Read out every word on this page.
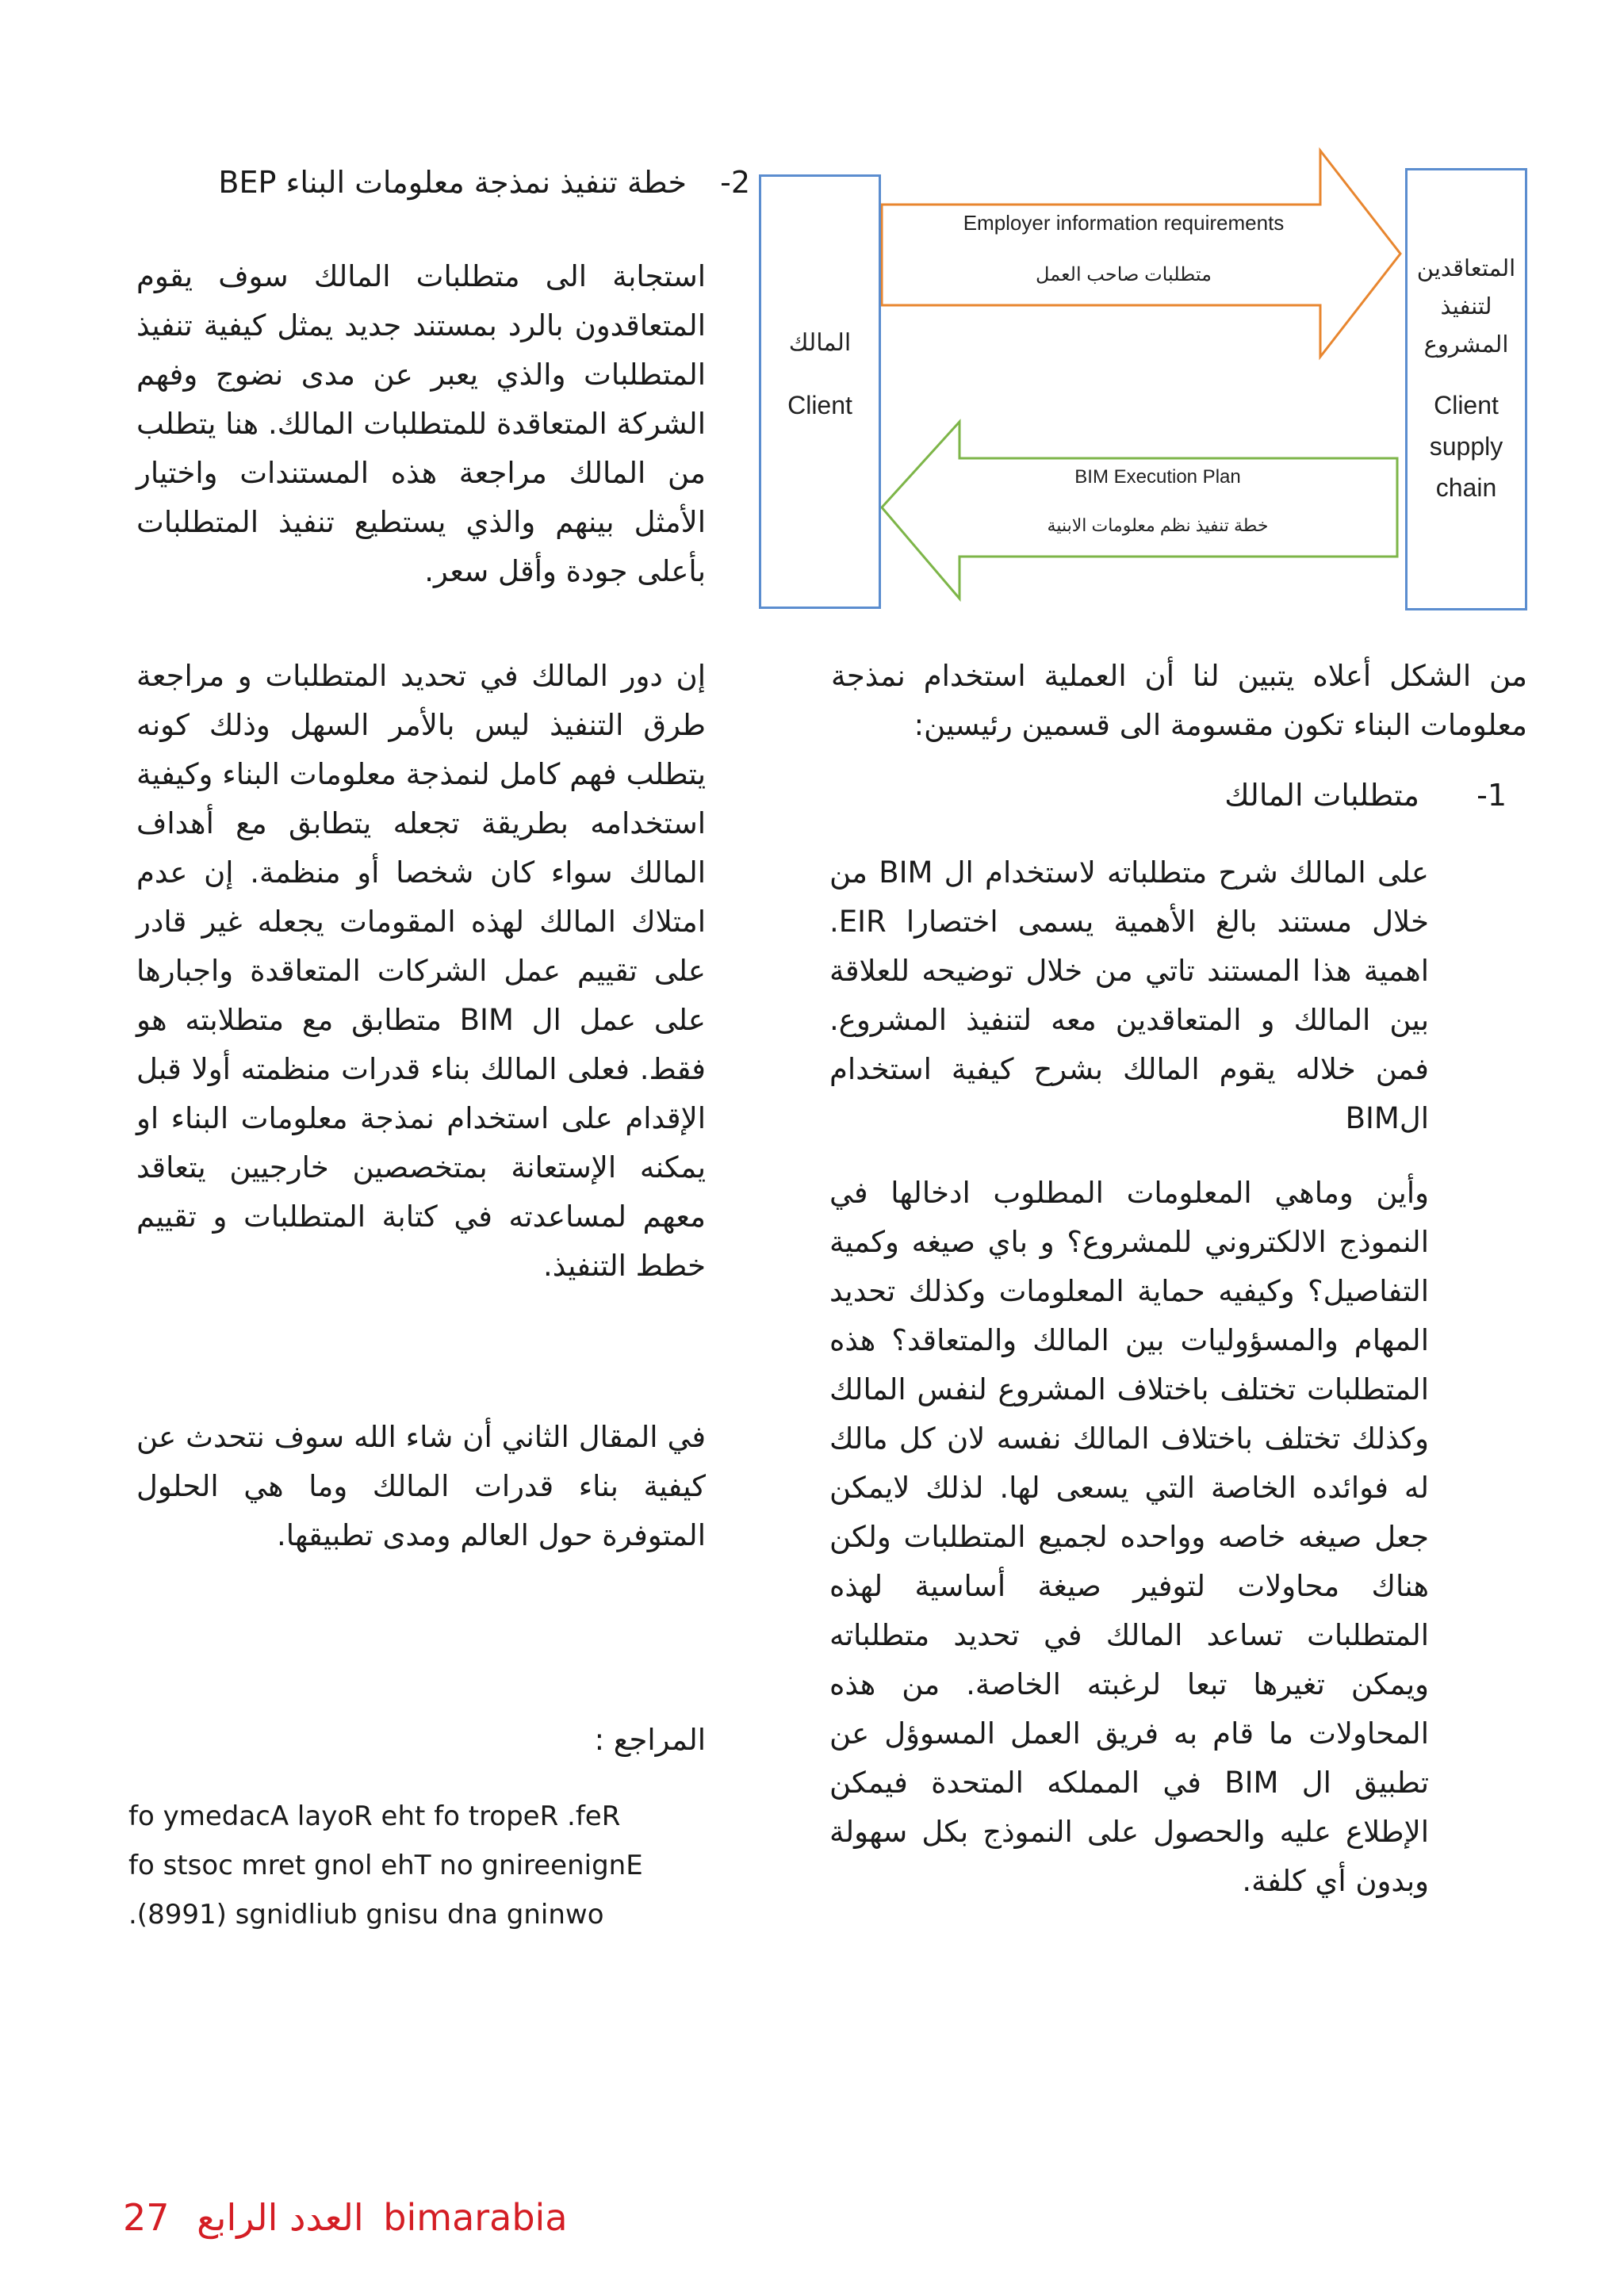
2- خطة تنفيذ نمذجة معلومات البناء BEP

استجابة الى متطلبات المالك سوف يقوم المتعاقدون بالرد بمستند جديد يمثل كيفية تنفيذ المتطلبات والذي يعبر عن مدى نضوج وفهم الشركة المتعاقدة للمتطلبات المالك. هنا يتطلب من المالك مراجعة هذه المستندات واختيار الأمثل بينهم والذي يستطيع تنفيذ المتطلبات بأعلى جودة وأقل سعر.

إن دور المالك في تحديد المتطلبات و مراجعة طرق التنفيذ ليس بالأمر السهل وذلك كونه يتطلب فهم كامل لنمذجة معلومات البناء وكيفية استخدامه بطريقة تجعله يتطابق مع أهداف المالك سواء كان شخصا أو منظمة. إن عدم امتلاك المالك لهذه المقومات يجعله غير قادر على تقييم عمل الشركات المتعاقدة واجبارها على عمل ال BIM متطابق مع متطلابته هو فقط. فعلى المالك بناء قدرات منظمته أولا قبل الإقدام على استخدام نمذجة معلومات البناء او يمكنه الإستعانة بمتخصصين خارجيين يتعاقد معهم لمساعدته في كتابة المتطلبات و تقييم خطط التنفيذ.

في المقال الثاني أن شاء الله سوف نتحدث عن كيفية بناء قدرات المالك وما هي الحلول المتوفرة حول العالم ومدى تطبيقها.

المراجع :
fo ymedacA layoR eht fo tropeR .feR
fo stsoc mret gnol ehT no gnireenignE
.(8991) sgnidliub gnisu dna gninwo
المالك
Client
المتعاقدين
لتنفيذ
المشروع
Client
supply
chain
Employer information requirements
متطلبات صاحب العمل
BIM Execution Plan
خطة تنفيذ نظم معلومات الابنية

من الشكل أعلاه يتبين لنا أن العملية استخدام نمذجة معلومات البناء تكون مقسومة الى قسمين رئيسين:

1- متطلبات المالك

على المالك شرح متطلباته لاستخدام ال BIM من خلال مستند بالغ الأهمية يسمى اختصارا EIR. اهمية هذا المستند تاتي من خلال توضيحه للعلاقة بين المالك و المتعاقدين معه لتنفيذ المشروع. فمن خلاله يقوم المالك بشرح كيفية استخدام الBIM

وأين وماهي المعلومات المطلوب ادخالها في النموذج الالكتروني للمشروع؟ و باي صيغه وكمية التفاصيل؟ وكيفيه حماية المعلومات وكذلك تحديد المهام والمسؤوليات بين المالك والمتعاقد؟ هذه المتطلبات تختلف باختلاف المشروع لنفس المالك وكذلك تختلف باختلاف المالك نفسه لان كل مالك له فوائده الخاصة التي يسعى لها. لذلك لايمكن جعل صيغه خاصه وواحده لجميع المتطلبات ولكن هناك محاولات لتوفير صيغة أساسية لهذه المتطلبات تساعد المالك في تحديد متطلباته ويمكن تغيرها تبعا لرغبته الخاصة. من هذه المحاولات ما قام به فريق العمل المسوؤل عن تطبيق ال BIM في المملكه المتحدة فيمكن الإطلاع عليه والحصول على النموذج بكل سهولة وبدون أي كلفة.

27 العدد الرابع bimarabia
